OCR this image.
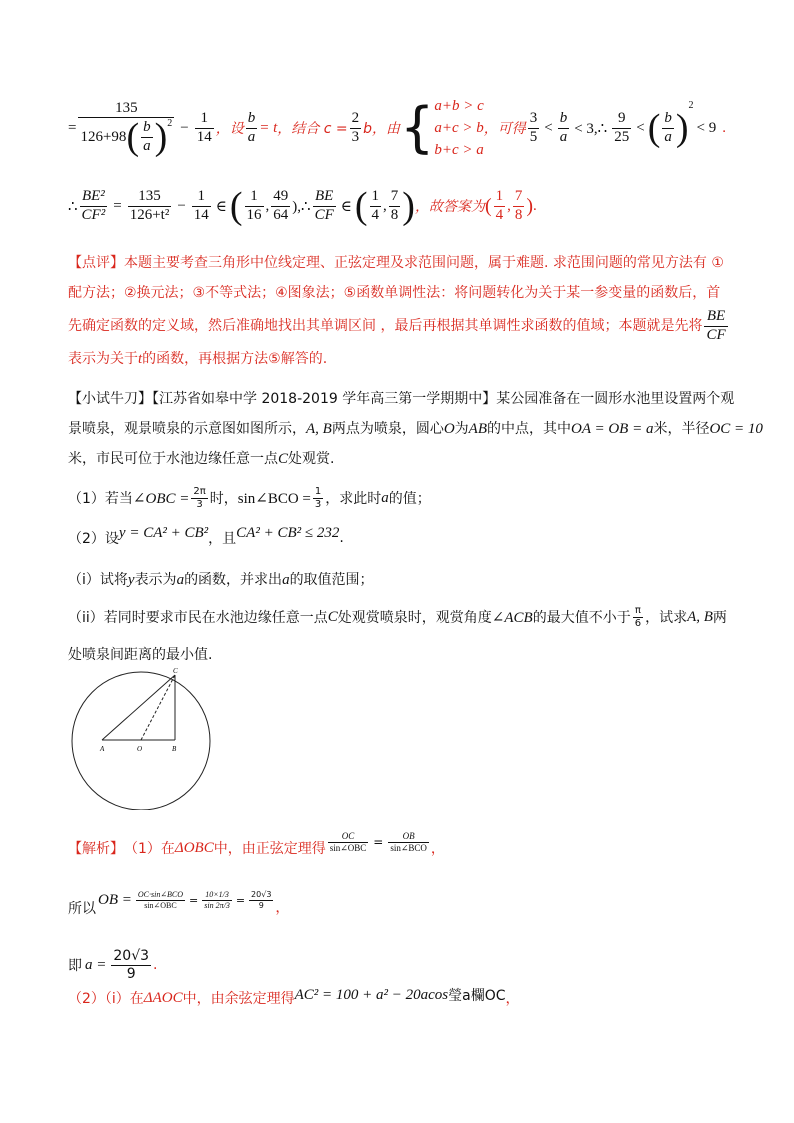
= $\frac{135}{126+98 ( \frac{b}{a} )^2} - \frac{1}{14}$ ，设 $\frac{b}{a} = t$ ，结合 $c = \frac{2}{3}$ b，由 { a+b > c
a+c > b
b+c > a
，可得 $\frac{3}{5} < \frac{b}{a}$ < 3,∴ $\frac{9}{25}$ < ( $\frac{b}{a}$ )
$^2$
< 9 .
∴ $\frac{\text{BE²}}{\text{CF²}} = \frac{135}{\text{126+t²}} - \frac{1}{14}$ ∈ ( $\frac{1}{16}$ , $\frac{49}{64}$ ),∴ $\frac{BE}{CF}$ ∈ ( $\frac{1}{4}$ , $\frac{7}{8}$ ) ，故答案为 ( $\frac{1}{4}$ , $\frac{7}{8}$ ) .
【点评】本题主要考查三角形中位线定理、正弦定理及求范围问题，属于难题. 求范围问题的常见方法有 ①
配方法；②换元法；③不等式法；④图象法；⑤函数单调性法：将问题转化为关于某一参变量的函数后，首
先确定函数的定义域，然后准确地找出其单调区间 ，最后再根据其单调性求函数的值域；本题就是先将 $\frac{BE}{CF}$
表示为关于t的函数，再根据方法⑤解答的.
【小试牛刀】【江苏省如皋中学 2018-2019 学年高三第一学期期中】某公园准备在一圆形水池里设置两个观
景喷泉，观景喷泉的示意图如图所示，A, B两点为喷泉，圆心O为AB的中点，其中OA = OB = a米，半径OC = 10
米，市民可位于水池边缘任意一点C处观赏.
（1）若当 ∠OBC = $\frac{2\pi}{3}$ 时， sin∠BCO = $\frac{1}{3}$ ，求此时 a 的值；
（2）设 y = CA² + CB² ，且 CA² + CB² ≤ 232 .
（i）试将y表示为a的函数，并求出a的取值范围；
（ii）若同时要求市民在水池边缘任意一点 C 处观赏喷泉时，观赏角度 ∠ACB 的最大值不小于 $\frac{\pi}{6}$ ，试求 A, B 两
处喷泉间距离的最小值.
A	O	B
C
【解析】 （1）在 ΔOBC 中，由正弦定理得 $\frac{OC}{\text{sin∠OBC}} = \frac{OB}{\text{sin∠BCO}}$ ，
所以
OB = $\frac{\text{OC·sin∠BCO}}{\text{sin∠OBC}} = \frac{10\times 1/3}{\sin 2\pi/3} = \frac{20√3}{9}$ ，
即 $a = \frac{20√3}{9}$ .
（2）（i）在 ΔAOC 中，由余弦定理得 AC² = 100 + a² − 20acos 瑩a欄OC ，
